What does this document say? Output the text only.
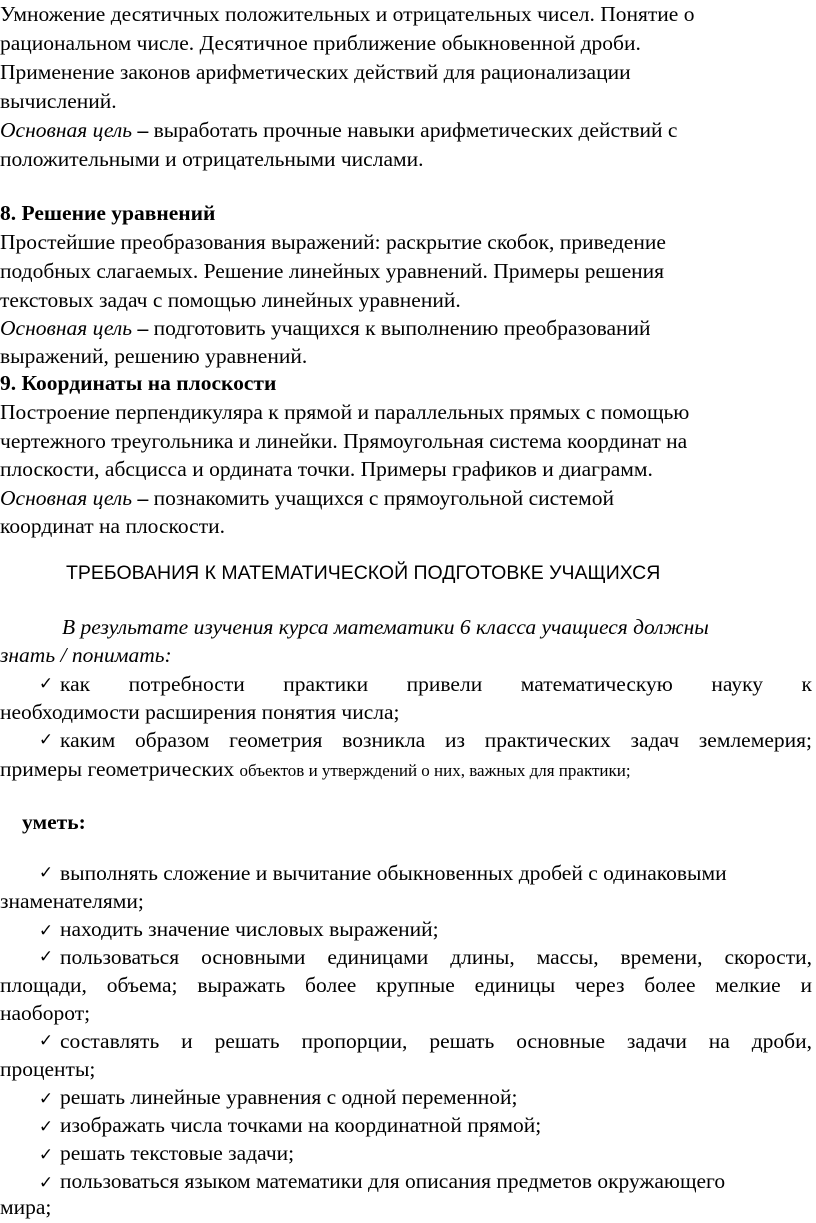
Умножение десятичных положительных и отрицательных чисел. Понятие о
рациональном числе. Десятичное приближение обыкновенной дроби.
Применение законов арифметических действий для рационализации
вычислений.
Основная цель – выработать прочные навыки арифметических действий с
положительными и отрицательными числами.
8. Решение уравнений
Простейшие преобразования выражений: раскрытие скобок, приведение
подобных слагаемых. Решение линейных уравнений. Примеры решения
текстовых задач с помощью линейных уравнений.
Основная цель – подготовить учащихся к выполнению преобразований
выражений, решению уравнений.
9. Координаты на плоскости
Построение перпендикуляра к прямой и параллельных прямых с помощью
чертежного треугольника и линейки. Прямоугольная система координат на
плоскости, абсцисса и ордината точки. Примеры графиков и диаграмм.
Основная цель – познакомить учащихся с прямоугольной системой
координат на плоскости.
ТРЕБОВАНИЯ К МАТЕМАТИЧЕСКОЙ ПОДГОТОВКЕ УЧАЩИХСЯ
В результате изучения курса математики 6 класса учащиеся должны
знать / понимать:
✓ как потребности практики привели математическую науку к
необходимости расширения понятия числа;
✓ каким образом геометрия возникла из практических задач землемерия;
примеры геометрических объектов и утверждений о них, важных для практики;
уметь:
✓ выполнять сложение и вычитание обыкновенных дробей с одинаковыми
знаменателями;
✓ находить значение числовых выражений;
✓ пользоваться основными единицами длины, массы, времени, скорости,
площади, объема; выражать более крупные единицы через более мелкие и
наоборот;
✓ составлять и решать пропорции, решать основные задачи на дроби,
проценты;
✓ решать линейные уравнения с одной переменной;
✓ изображать числа точками на координатной прямой;
✓ решать текстовые задачи;
✓ пользоваться языком математики для описания предметов окружающего
мира;
